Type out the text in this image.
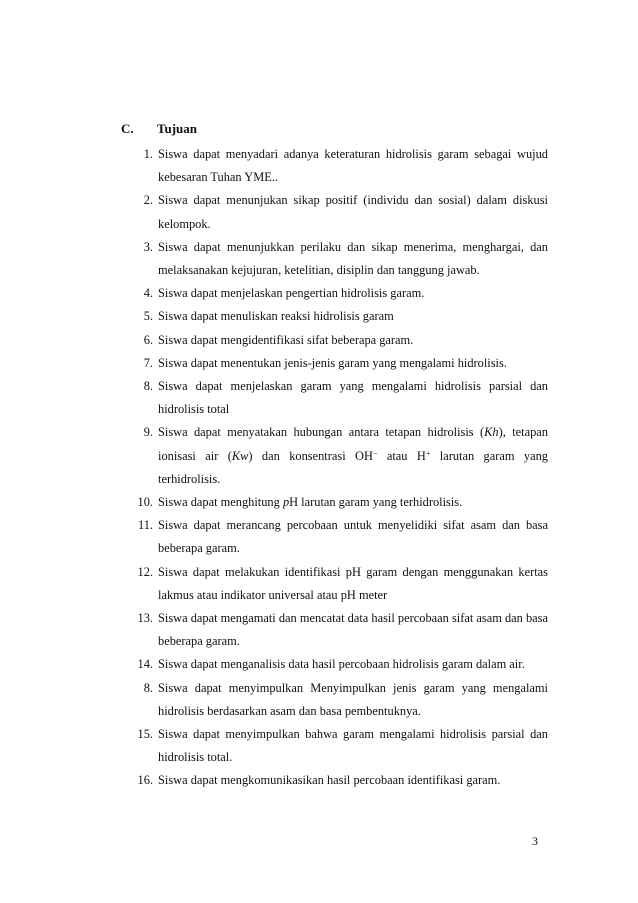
C. Tujuan
1. Siswa dapat menyadari adanya keteraturan hidrolisis garam sebagai wujud kebesaran Tuhan YME..
2. Siswa dapat menunjukan sikap positif (individu dan sosial) dalam diskusi kelompok.
3. Siswa dapat menunjukkan perilaku dan sikap menerima, menghargai, dan melaksanakan kejujuran, ketelitian, disiplin dan tanggung jawab.
4. Siswa dapat menjelaskan pengertian hidrolisis garam.
5. Siswa dapat menuliskan reaksi hidrolisis garam
6. Siswa dapat mengidentifikasi sifat beberapa garam.
7. Siswa dapat menentukan jenis-jenis garam yang mengalami hidrolisis.
8. Siswa dapat menjelaskan garam yang mengalami hidrolisis parsial dan hidrolisis total
9. Siswa dapat menyatakan hubungan antara tetapan hidrolisis (Kh), tetapan ionisasi air (Kw) dan konsentrasi OH− atau H+ larutan garam yang terhidrolisis.
10. Siswa dapat menghitung pH larutan garam yang terhidrolisis.
11. Siswa dapat merancang percobaan untuk menyelidiki sifat asam dan basa beberapa garam.
12. Siswa dapat melakukan identifikasi pH garam dengan menggunakan kertas lakmus atau indikator universal atau pH meter
13. Siswa dapat mengamati dan mencatat data hasil percobaan sifat asam dan basa beberapa garam.
14. Siswa dapat menganalisis data hasil percobaan hidrolisis garam dalam air.
8. Siswa dapat menyimpulkan Menyimpulkan jenis garam yang mengalami hidrolisis berdasarkan asam dan basa pembentuknya.
15. Siswa dapat menyimpulkan bahwa garam mengalami hidrolisis parsial dan hidrolisis total.
16. Siswa dapat mengkomunikasikan hasil percobaan identifikasi garam.
3
